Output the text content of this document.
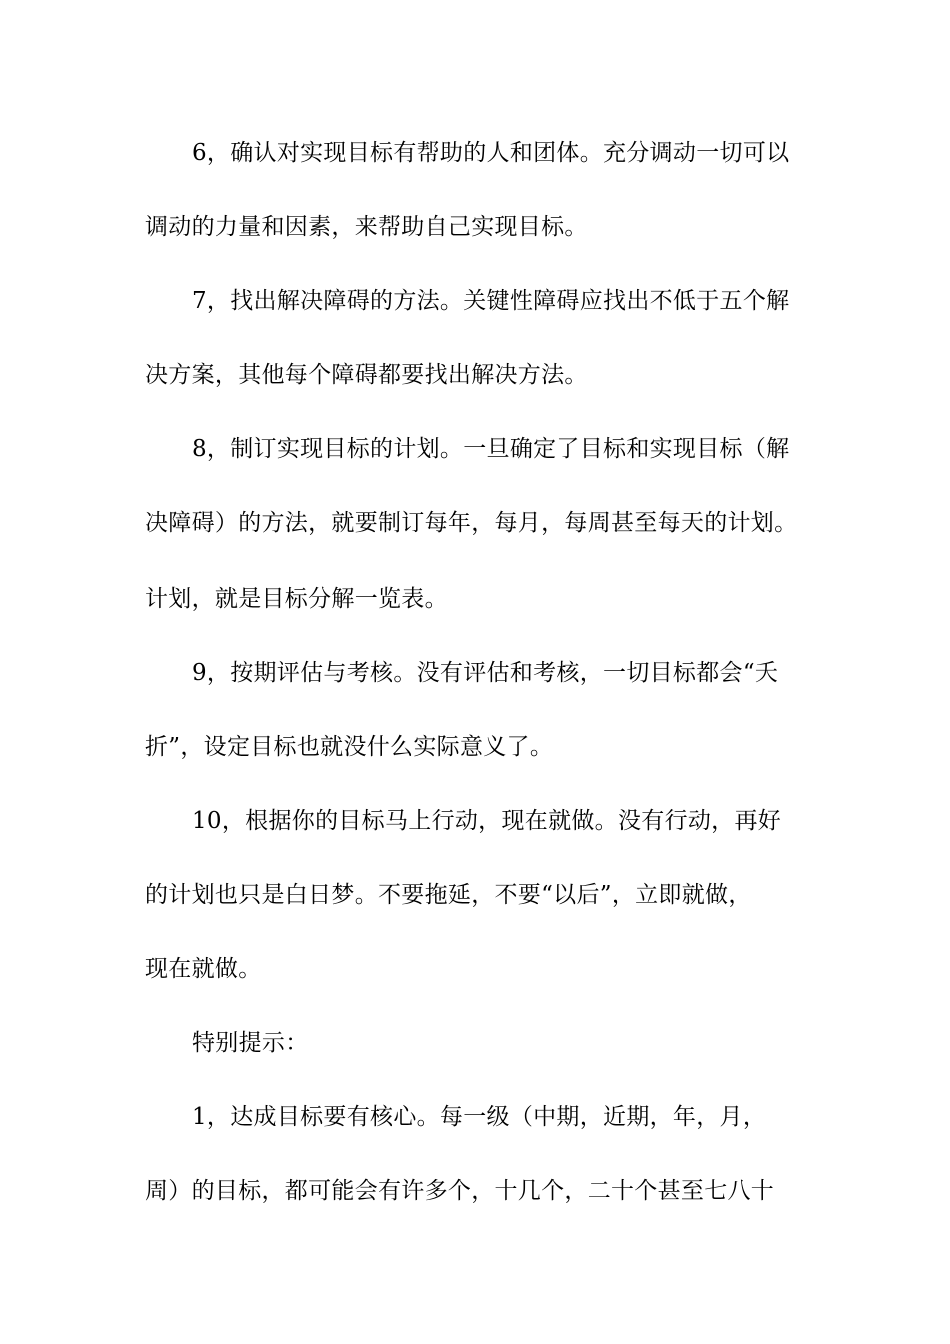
6，确认对实现目标有帮助的人和团体。充分调动一切可以
调动的力量和因素，来帮助自己实现目标。
7，找出解决障碍的方法。关键性障碍应找出不低于五个解
决方案，其他每个障碍都要找出解决方法。
8，制订实现目标的计划。一旦确定了目标和实现目标（解
决障碍）的方法，就要制订每年，每月，每周甚至每天的计划。
计划，就是目标分解一览表。
9，按期评估与考核。没有评估和考核，一切目标都会“夭
折”，设定目标也就没什么实际意义了。
10，根据你的目标马上行动，现在就做。没有行动，再好
的计划也只是白日梦。不要拖延，不要“以后”，立即就做，
现在就做。
特别提示：
1，达成目标要有核心。每一级（中期，近期，年，月，
周）的目标，都可能会有许多个，十几个，二十个甚至七八十
